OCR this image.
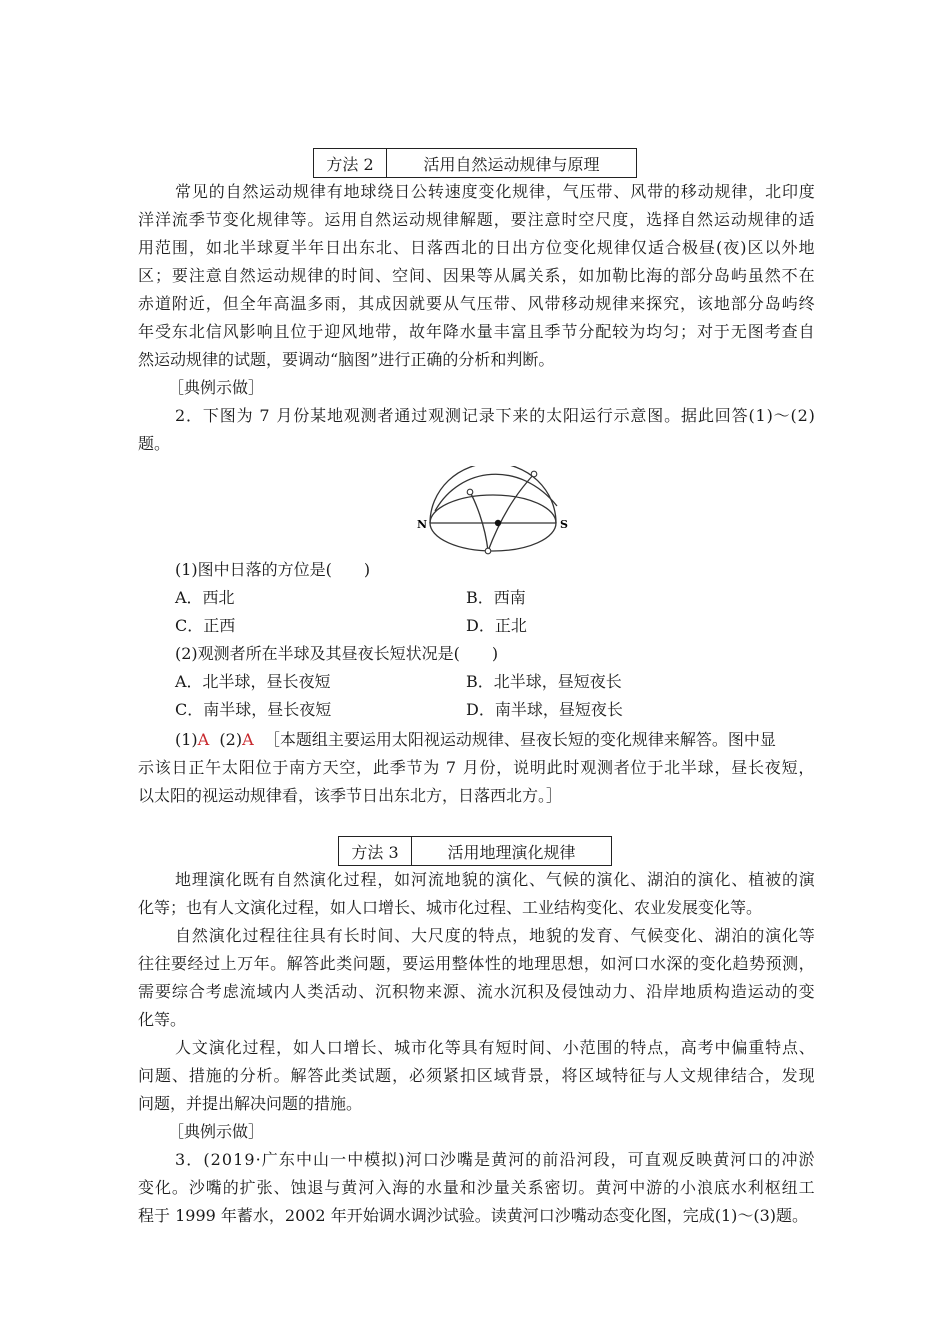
方法 2	活用自然运动规律与原理
常 见 的 自 然 运 动 规 律 有 地 球 绕 日 公 转 速 度 变 化 规 律 ， 气 压 带 、 风 带 的 移 动 规 律 ， 北 印 度
洋 洋 流 季 节 变 化 规 律 等 。 运 用 自 然 运 动 规 律 解 题 ， 要 注 意 时 空 尺 度 ， 选 择 自 然 运 动 规 律 的 适
用 范 围 ， 如 北 半 球 夏 半 年 日 出 东 北 、 日 落 西 北 的 日 出 方 位 变 化 规 律 仅 适 合 极 昼 ( 夜 ) 区 以 外 地
区 ； 要 注 意 自 然 运 动 规 律 的 时 间 、 空 间 、 因 果 等 从 属 关 系 ， 如 加 勒 比 海 的 部 分 岛 屿 虽 然 不 在
赤 道 附 近 ， 但 全 年 高 温 多 雨 ， 其 成 因 就 要 从 气 压 带 、 风 带 移 动 规 律 来 探 究 ， 该 地 部 分 岛 屿 终
年 受 东 北 信 风 影 响 且 位 于 迎 风 地 带 ， 故 年 降 水 量 丰 富 且 季 节 分 配 较 为 均 匀 ； 对 于 无 图 考 查 自
然运动规律的试题，要调动“脑图”进行正确的分析和判断。
［典例示做］
2 ． 下 图 为
7
月 份 某 地 观 测 者 通 过 观 测 记 录 下 来 的 太 阳 运 行 示 意 图 。 据 此 回 答 ( 1 ) ～ ( 2 )
题。
N	S
(1)图中日落的方位是(　　)
A．西北	B．西南
C．正西	D．正北
(2)观测者所在半球及其昼夜长短状况是(　　)
A．北半球，昼长夜短	B．北半球，昼短夜长
C．南半球，昼长夜短	D．南半球，昼短夜长
(1)A (2)A ［本题组主要运用太阳视运动规律、昼夜长短的变化规律来解答。图中显
示 该 日 正 午 太 阳 位 于 南 方 天 空 ， 此 季 节 为
7
月 份 ， 说 明 此 时 观 测 者 位 于 北 半 球 ， 昼 长 夜 短 ，
以太阳的视运动规律看，该季节日出东北方，日落西北方。］
方法 3	活用地理演化规律
地 理 演 化 既 有 自 然 演 化 过 程 ， 如 河 流 地 貌 的 演 化 、 气 候 的 演 化 、 湖 泊 的 演 化 、 植 被 的 演
化等；也有人文演化过程，如人口增长、城市化过程、工业结构变化、农业发展变化等。
自 然 演 化 过 程 往 往 具 有 长 时 间 、 大 尺 度 的 特 点 ， 地 貌 的 发 育 、 气 候 变 化 、 湖 泊 的 演 化 等
往 往 要 经 过 上 万 年 。 解 答 此 类 问 题 ， 要 运 用 整 体 性 的 地 理 思 想 ， 如 河 口 水 深 的 变 化 趋 势 预 测 ，
需 要 综 合 考 虑 流 域 内 人 类 活 动 、 沉 积 物 来 源 、 流 水 沉 积 及 侵 蚀 动 力 、 沿 岸 地 质 构 造 运 动 的 变
化等。
人 文 演 化 过 程 ， 如 人 口 增 长 、 城 市 化 等 具 有 短 时 间 、 小 范 围 的 特 点 ， 高 考 中 偏 重 特 点 、
问 题 、 措 施 的 分 析 。 解 答 此 类 试 题 ， 必 须 紧 扣 区 域 背 景 ， 将 区 域 特 征 与 人 文 规 律 结 合 ， 发 现
问题，并提出解决问题的措施。
［典例示做］
3 ． ( 2 0 1 9 · 广 东 中 山 一 中 模 拟 ) 河 口 沙 嘴 是 黄 河 的 前 沿 河 段 ， 可 直 观 反 映 黄 河 口 的 冲 淤
变 化 。 沙 嘴 的 扩 张 、 蚀 退 与 黄 河 入 海 的 水 量 和 沙 量 关 系 密 切 。 黄 河 中 游 的 小 浪 底 水 利 枢 纽 工
程于 1999 年蓄水，2002 年开始调水调沙试验。读黄河口沙嘴动态变化图，完成(1)～(3)题。
